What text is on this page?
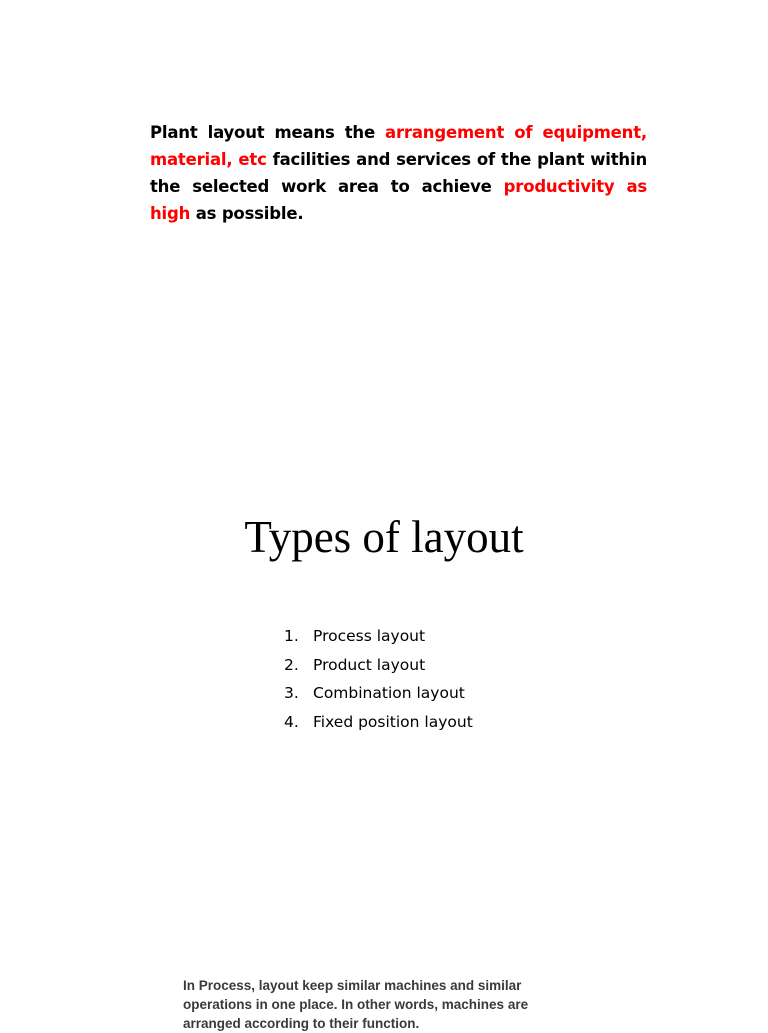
Plant layout means the arrangement of equipment, material, etc facilities and services of the plant within the selected work area to achieve productivity as high as possible.

Types of layout
1. Process layout
2. Product layout
3. Combination layout
4. Fixed position layout

In Process, layout keep similar machines and similar operations in one place. In other words, machines are arranged according to their function.
